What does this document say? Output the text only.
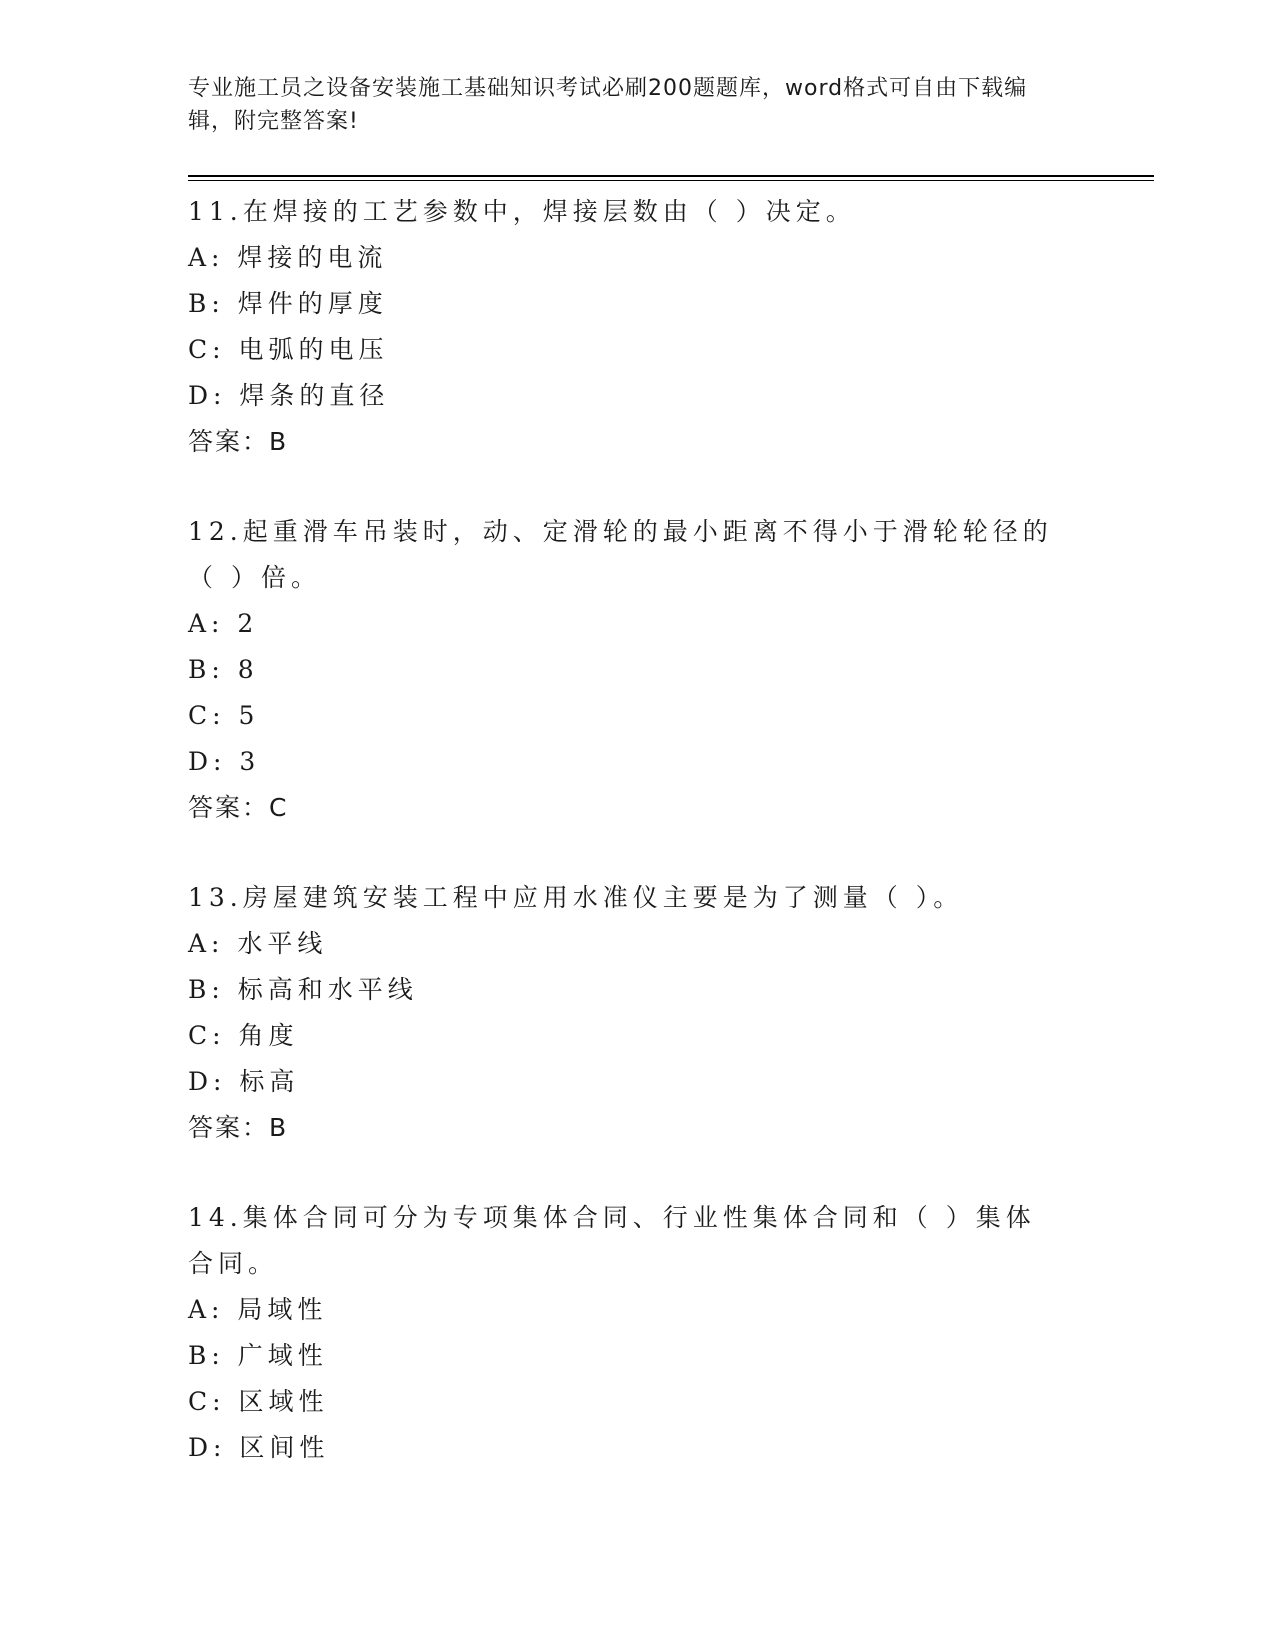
专业施工员之设备安装施工基础知识考试必刷200题题库，word格式可自由下载编辑，附完整答案!
11.在焊接的工艺参数中，焊接层数由（ ）决定。
A: 焊接的电流
B: 焊件的厚度
C: 电弧的电压
D: 焊条的直径
答案：B
12.起重滑车吊装时，动、定滑轮的最小距离不得小于滑轮轮径的（ ）倍。
A: 2
B: 8
C: 5
D: 3
答案：C
13.房屋建筑安装工程中应用水准仪主要是为了测量（ ）。
A: 水平线
B: 标高和水平线
C: 角度
D: 标高
答案：B
14.集体合同可分为专项集体合同、行业性集体合同和（ ）集体合同。
A: 局域性
B: 广域性
C: 区域性
D: 区间性
